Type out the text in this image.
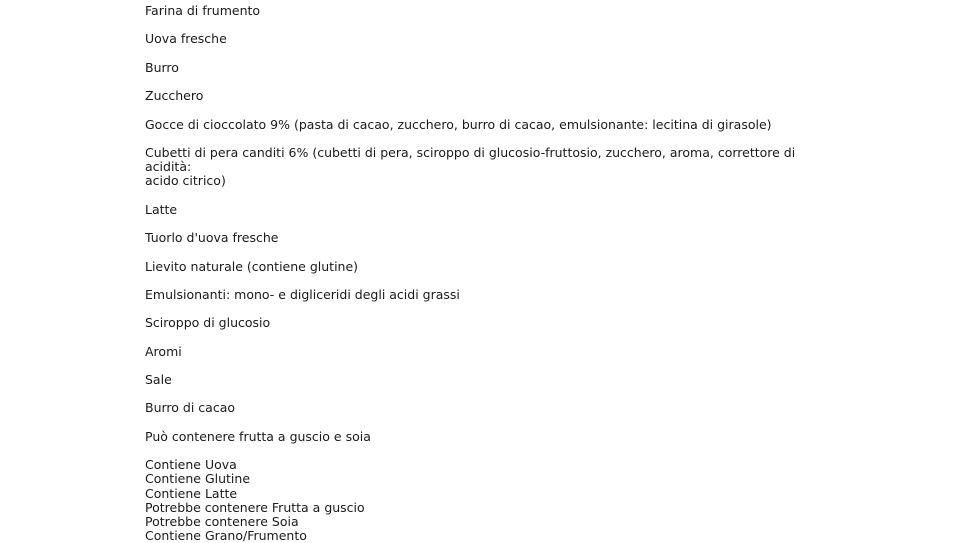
Farina di frumento
Uova fresche
Burro
Zucchero
Gocce di cioccolato 9% (pasta di cacao, zucchero, burro di cacao, emulsionante: lecitina di girasole)
Cubetti di pera canditi 6% (cubetti di pera, sciroppo di glucosio-fruttosio, zucchero, aroma, correttore di acidità:
acido citrico)
Latte
Tuorlo d'uova fresche
Lievito naturale (contiene glutine)
Emulsionanti: mono- e digliceridi degli acidi grassi
Sciroppo di glucosio
Aromi
Sale
Burro di cacao
Può contenere frutta a guscio e soia
Contiene Uova
Contiene Glutine
Contiene Latte
Potrebbe contenere Frutta a guscio
Potrebbe contenere Soia
Contiene Grano/Frumento
